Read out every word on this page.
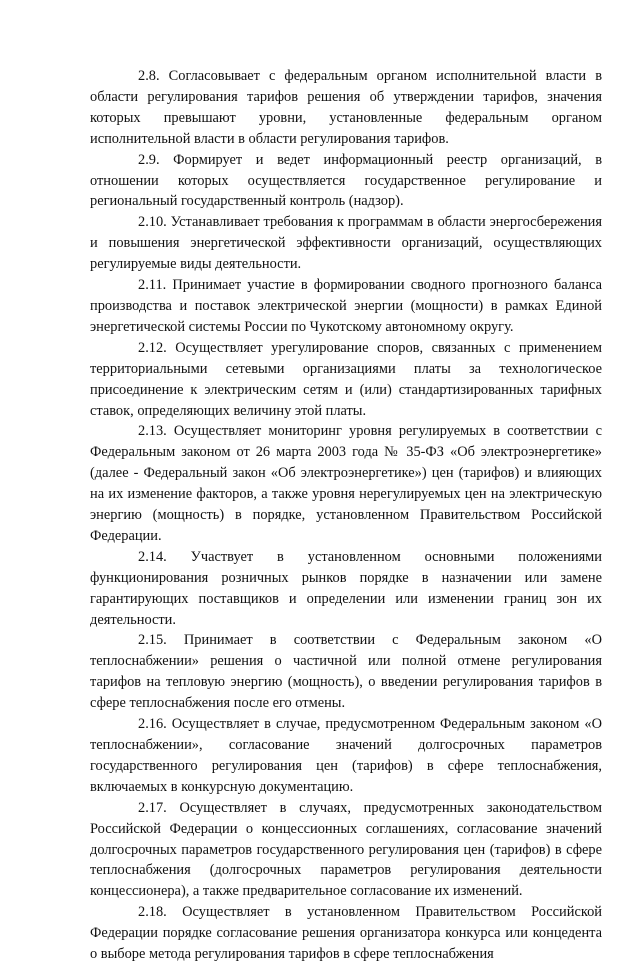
2.8. Согласовывает с федеральным органом исполнительной власти в области регулирования тарифов решения об утверждении тарифов, значения которых превышают уровни, установленные федеральным органом исполнительной власти в области регулирования тарифов.

2.9. Формирует и ведет информационный реестр организаций, в отношении которых осуществляется государственное регулирование и региональный государственный контроль (надзор).

2.10. Устанавливает требования к программам в области энергосбережения и повышения энергетической эффективности организаций, осуществляющих регулируемые виды деятельности.

2.11. Принимает участие в формировании сводного прогнозного баланса производства и поставок электрической энергии (мощности) в рамках Единой энергетической системы России по Чукотскому автономному округу.

2.12. Осуществляет урегулирование споров, связанных с применением территориальными сетевыми организациями платы за технологическое присоединение к электрическим сетям и (или) стандартизированных тарифных ставок, определяющих величину этой платы.

2.13. Осуществляет мониторинг уровня регулируемых в соответствии с Федеральным законом от 26 марта 2003 года № 35-ФЗ «Об электроэнергетике» (далее - Федеральный закон «Об электроэнергетике») цен (тарифов) и влияющих на их изменение факторов, а также уровня нерегулируемых цен на электрическую энергию (мощность) в порядке, установленном Правительством Российской Федерации.

2.14. Участвует в установленном основными положениями функционирования розничных рынков порядке в назначении или замене гарантирующих поставщиков и определении или изменении границ зон их деятельности.

2.15. Принимает в соответствии с Федеральным законом «О теплоснабжении» решения о частичной или полной отмене регулирования тарифов на тепловую энергию (мощность), о введении регулирования тарифов в сфере теплоснабжения после его отмены.

2.16. Осуществляет в случае, предусмотренном Федеральным законом «О теплоснабжении», согласование значений долгосрочных параметров государственного регулирования цен (тарифов) в сфере теплоснабжения, включаемых в конкурсную документацию.

2.17. Осуществляет в случаях, предусмотренных законодательством Российской Федерации о концессионных соглашениях, согласование значений долгосрочных параметров государственного регулирования цен (тарифов) в сфере теплоснабжения (долгосрочных параметров регулирования деятельности концессионера), а также предварительное согласование их изменений.

2.18. Осуществляет в установленном Правительством Российской Федерации порядке согласование решения организатора конкурса или концедента о выборе метода регулирования тарифов в сфере теплоснабжения
